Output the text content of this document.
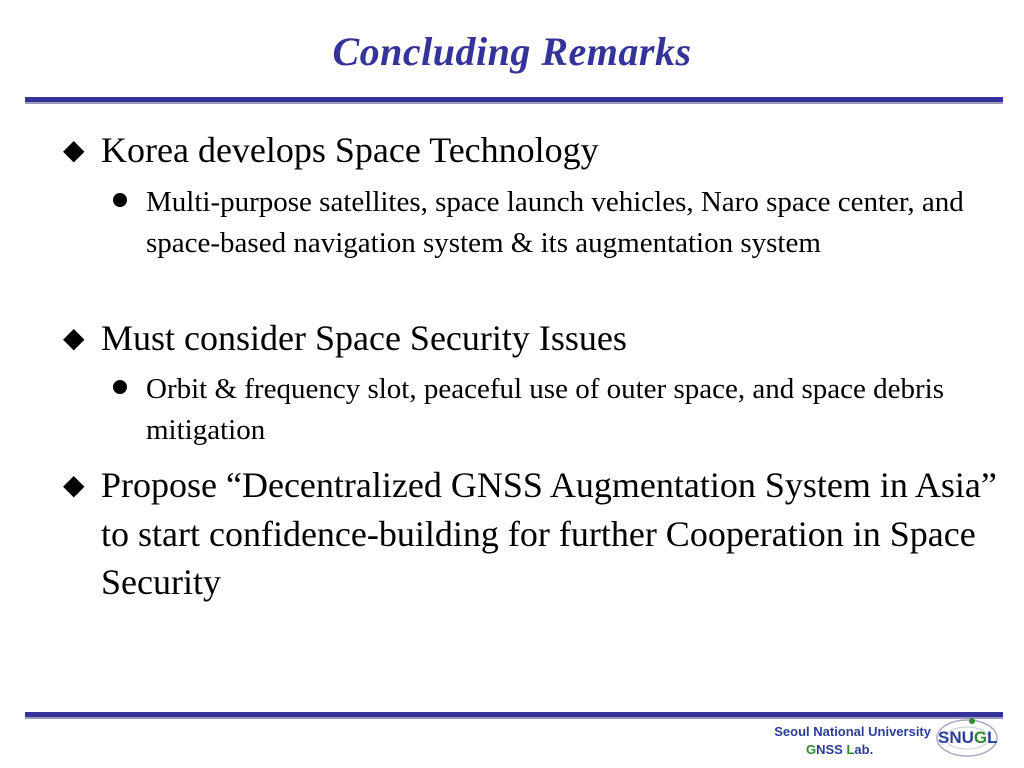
Concluding Remarks
◆ Korea develops Space Technology
Multi-purpose satellites, space launch vehicles, Naro space center, and space-based navigation system & its augmentation system
◆ Must consider Space Security Issues
Orbit & frequency slot, peaceful use of outer space, and space debris mitigation
◆ Propose “Decentralized GNSS Augmentation System in Asia” to start confidence-building for further Cooperation in Space Security
Seoul National University
GNSS Lab.
SNUGL
